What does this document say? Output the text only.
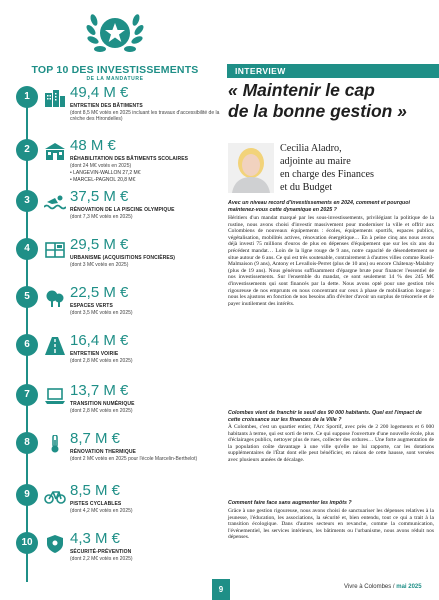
TOP 10 DES INVESTISSEMENTS
DE LA MANDATURE
1	49,4 M €
ENTRETIEN DES BÂTIMENTS
(dont 8,5 M€ votés en 2025 incluant les travaux d'accessibilité de la crèche des Hirondelles)
2	48 M €
RÉHABILITATION DES BÂTIMENTS SCOLAIRES
(dont 24 M€ votés en 2025)
• LANGEVIN-WALLON 27,2 M€
• MARCEL-PAGNOL 20,8 M€
3	37,5 M €
RÉNOVATION DE LA PISCINE OLYMPIQUE
(dont 7,3 M€ votés en 2025)
4	29,5 M €
URBANISME (ACQUISITIONS FONCIÈRES)
(dont 3 M€ votés en 2025)
5	22,5 M €
ESPACES VERTS
(dont 3,5 M€ votés en 2025)
6	16,4 M €
ENTRETIEN VOIRIE
(dont 2,8 M€ votés en 2025)
7	13,7 M €
TRANSITION NUMÉRIQUE
(dont 2,8 M€ votés en 2025)
8	8,7 M €
RÉNOVATION THERMIQUE
(dont 2 M€ votés en 2025 pour l'école Marcelin-Berthelot)
9	8,5 M €
PISTES CYCLABLES
(dont 4,2 M€ votés en 2025)
10	4,3 M €
SÉCURITÉ-PRÉVENTION
(dont 2,2 M€ votés en 2025)
INTERVIEW
« Maintenir le cap
de la bonne gestion »
Cecilia Aladro,
adjointe au maire
en charge des Finances
et du Budget
Avec un niveau record d'investissements en 2024, comment et pourquoi maintenez-vous cette dynamique en 2025 ?
Héritiers d'un mandat marqué par les sous-investissements, privilégiant la politique de la rustine, nous avons choisi d'investir massivement pour moderniser la ville et offrir aux Colombiens de nouveaux équipements : écoles, équipements sportifs, espaces publics, végétalisation, mobilités actives, rénovation énergétique… En à peine cinq ans nous avons déjà investi 75 millions d'euros de plus en dépenses d'équipement que sur les six ans du précédent mandat… Loin de la ligne rouge de 9 ans, notre capacité de désendettement se situe autour de 6 ans. Ce qui est très soutenable, contrairement à d'autres villes comme Rueil-Malmaison (9 ans), Antony et Levallois-Perret (plus de 10 ans) ou encore Châtenay-Malabry (plus de 19 ans). Nous générons suffisamment d'épargne brute pour financer l'essentiel de nos investissements. Sur l'ensemble du mandat, ce sont seulement 14 % des 245 M€ d'investissements qui sont financés par la dette. Nous avons opté pour une gestion très rigoureuse de nos emprunts en nous concentrant sur ceux à phase de mobilisation longue : nous les ajustons en fonction de nos besoins afin d'éviter d'avoir un surplus de trésorerie et de payer inutilement des intérêts.
Colombes vient de franchir le seuil des 90 000 habitants. Quel est l'impact de cette croissance sur les finances de la Ville ?
À Colombes, c'est un quartier entier, l'Arc Sportif, avec près de 2 200 logements et 6 000 habitants à terme, qui est sorti de terre. Ce qui suppose l'ouverture d'une nouvelle école, plus d'éclairages publics, nettoyer plus de rues, collecter des ordures… Une forte augmentation de la population coûte davantage à une ville qu'elle ne lui rapporte, car les dotations supplémentaires de l'État dont elle peut bénéficier, en raison de cette hausse, sont versées avec plusieurs années de décalage.
Comment faire face sans augmenter les impôts ?
Grâce à une gestion rigoureuse, nous avons choisi de sanctuariser les dépenses relatives à la jeunesse, l'éducation, les associations, la sécurité et, bien entendu, tout ce qui a trait à la transition écologique. Dans d'autres secteurs en revanche, comme la communication, l'événementiel, les services intérieurs, les bâtiments ou l'urbanisme, nous avons réduit nos dépenses.
9	Vivre à Colombes / mai 2025
